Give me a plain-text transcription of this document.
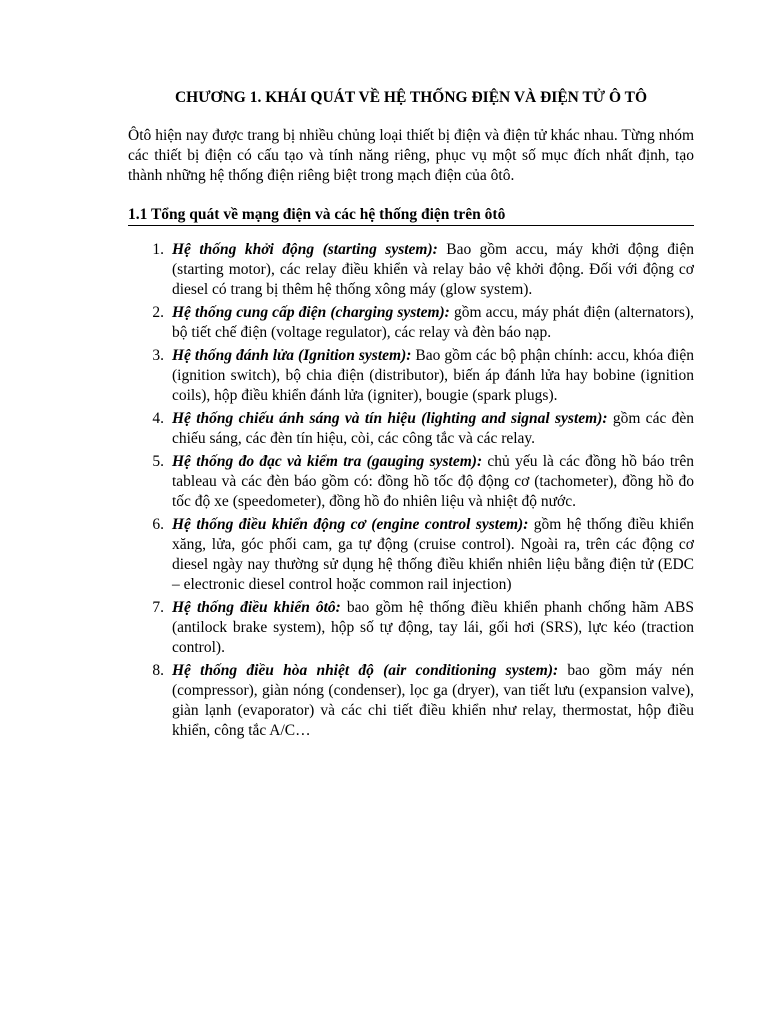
CHƯƠNG 1. KHÁI QUÁT VỀ HỆ THỐNG ĐIỆN VÀ ĐIỆN TỬ Ô TÔ

Ôtô hiện nay được trang bị nhiều chủng loại thiết bị điện và điện tử khác nhau. Từng nhóm các thiết bị điện có cấu tạo và tính năng riêng, phục vụ một số mục đích nhất định, tạo thành những hệ thống điện riêng biệt trong mạch điện của ôtô.

1.1 Tổng quát về mạng điện và các hệ thống điện trên ôtô
1. Hệ thống khởi động (starting system): Bao gồm accu, máy khởi động điện (starting motor), các relay điều khiển và relay bảo vệ khởi động. Đối với động cơ diesel có trang bị thêm hệ thống xông máy (glow system).
2. Hệ thống cung cấp điện (charging system): gồm accu, máy phát điện (alternators), bộ tiết chế điện (voltage regulator), các relay và đèn báo nạp.
3. Hệ thống đánh lửa (Ignition system): Bao gồm các bộ phận chính: accu, khóa điện (ignition switch), bộ chia điện (distributor), biến áp đánh lửa hay bobine (ignition coils), hộp điều khiển đánh lửa (igniter), bougie (spark plugs).
4. Hệ thống chiếu ánh sáng và tín hiệu (lighting and signal system): gồm các đèn chiếu sáng, các đèn tín hiệu, còi, các công tắc và các relay.
5. Hệ thống đo đạc và kiểm tra (gauging system): chủ yếu là các đồng hồ báo trên tableau và các đèn báo gồm có: đồng hồ tốc độ động cơ (tachometer), đồng hồ đo tốc độ xe (speedometer), đồng hồ đo nhiên liệu và nhiệt độ nước.
6. Hệ thống điều khiển động cơ (engine control system): gồm hệ thống điều khiển xăng, lửa, góc phối cam, ga tự động (cruise control). Ngoài ra, trên các động cơ diesel ngày nay thường sử dụng hệ thống điều khiển nhiên liệu bằng điện tử (EDC – electronic diesel control hoặc common rail injection)
7. Hệ thống điều khiển ôtô: bao gồm hệ thống điều khiển phanh chống hãm ABS (antilock brake system), hộp số tự động, tay lái, gối hơi (SRS), lực kéo (traction control).
8. Hệ thống điều hòa nhiệt độ (air conditioning system): bao gồm máy nén (compressor), giàn nóng (condenser), lọc ga (dryer), van tiết lưu (expansion valve), giàn lạnh (evaporator) và các chi tiết điều khiển như relay, thermostat, hộp điều khiển, công tắc A/C…
